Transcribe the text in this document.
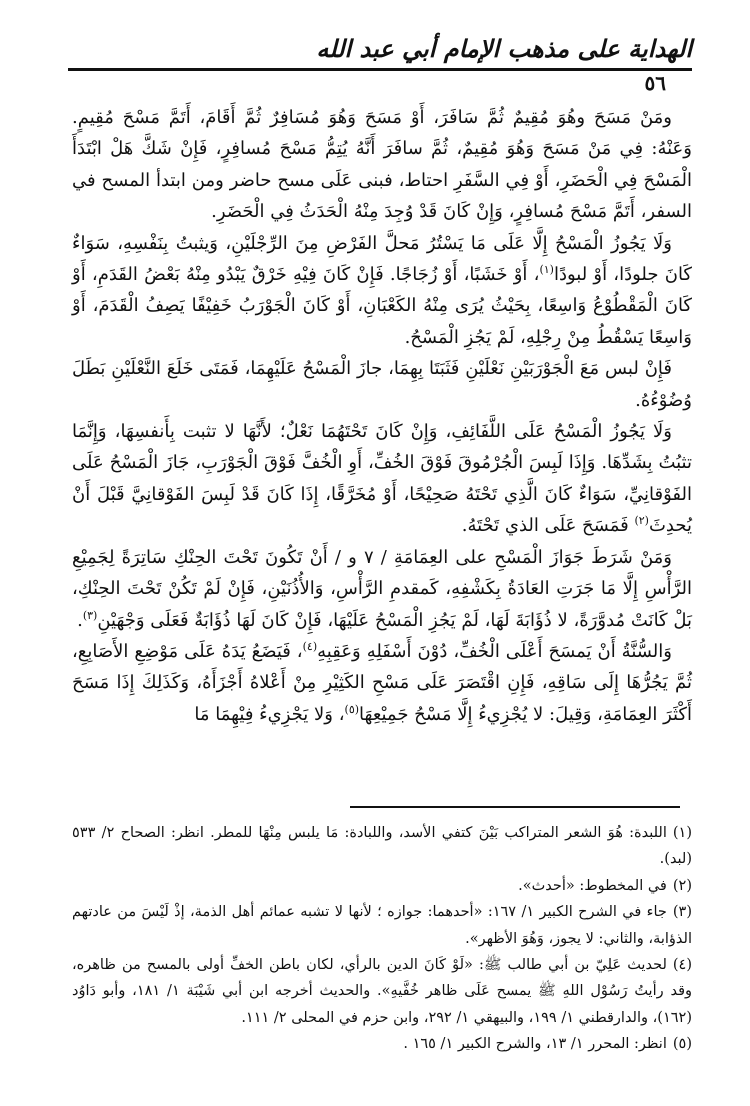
الهداية على مذهب الإمام أبي عبد الله
٥٦

ومَنْ مَسَحَ وهُوَ مُقِيمٌ ثُمَّ سَافَرَ، أَوْ مَسَحَ وَهُوَ مُسَافِرٌ ثُمَّ أَقَامَ، أَتَمَّ مَسْحَ مُقِيمٍ. وَعَنْهُ: فِي مَنْ مَسَحَ وَهُوَ مُقِيمٌ، ثُمَّ سافَرَ أَنَّهُ يُتِمُّ مَسْحَ مُسافِرٍ، فَإِنْ شَكَّ هَلْ ابْتَدَأَ الْمَسْحَ فِي الْحَضَرِ، أَوْ فِي السَّفَرِ احتاط، فبنى عَلَى مسح حاضر ومن ابتدأ المسح في السفر، أَتَمَّ مَسْحَ مُسافِرٍ، وَإِنْ كَانَ قَدْ وُجِدَ مِنْهُ الْحَدَثُ فِي الْحَضَرِ.

وَلَا يَجُوزُ الْمَسْحُ إِلَّا عَلَى مَا يَسْتُرُ مَحلَّ الفَرْضِ مِنَ الرِّجْلَيْنِ، وَيثبتُ بِنَفْسِهِ، سَوَاءٌ كَانَ جلودًا، أَوْ لبودًا$^{(١)}$، أَوْ خَشَبًا، أَوْ زُجَاجًا. فَإِنْ كَانَ فِيْهِ خَرْقٌ يَبْدُو مِنْهُ بَعْضُ القَدَمِ، أَوْ كَانَ الْمَقْطُوْعُ وَاسِعًا، بِحَيْثُ يُرَى مِنْهُ الكَعْبَانِ، أَوْ كَانَ الْجَوْرَبُ خَفِيْفًا يَصِفُ الْقَدَمَ، أَوْ وَاسِعًا يَسْقُطُ مِنْ رِجْلِهِ، لَمْ يَجُزِ الْمَسْحُ.

فَإِنْ لبس مَعَ الْجَوْرَبَيْنِ نَعْلَيْنِ فَثَبَتَا بِهِمَا، جازَ الْمَسْحُ عَلَيْهِمَا، فَمَتَى خَلَعَ النَّعْلَيْنِ بَطَلَ وُضُوْءُهُ.

وَلَا يَجُوزُ الْمَسْحُ عَلَى اللَّفَائِفِ، وَإِنْ كَانَ تَحْتَهُمَا نَعْلٌ؛ لأَنَّهَا لا تثبت بِأَنفسِهَا، وَإِنَّمَا تثبُتُ بِشَدِّهَا. وَإِذَا لَبِسَ الْجُرْمُوقَ فَوْقَ الخُفِّ، أَوِ الْخُفَّ فَوْقَ الْجَوْرَبِ، جَازَ الْمَسْحُ عَلَى الفَوْقانِيِّ، سَوَاءٌ كَانَ الَّذِي تَحْتَهُ صَحِيْحًا، أَوْ مُخَرَّقًا، إِذَا كَانَ قَدْ لَبِسَ الفَوْقانِيَّ قَبْلَ أَنْ يُحدِثَ$^{(٢)}$ فَمَسَحَ عَلَى الذي تَحْتَهُ.

وَمَنْ شَرَطَ جَوَازَ الْمَسْحِ على العِمَامَةِ / ٧ و / أَنْ تَكُونَ تَحْتَ الحِنْكِ سَاتِرَةً لِجَمِيْعِ الرَّأْسِ إِلَّا مَا جَرَتِ العَادَةُ بِكَشْفِهِ، كَمقدمِ الرَّأْسِ، وَالأُذُنَيْنِ، فَإِنْ لَمْ تَكُنْ تَحْتَ الحِنْكِ، بَلْ كَانَتْ مُدوَّرَةً، لا ذُؤَابَةَ لَهَا، لَمْ يَجُزِ الْمَسْحُ عَلَيْهَا، فَإِنْ كَانَ لَهَا ذُؤَابَةٌ فَعَلَى وَجْهَيْنِ$^{(٣)}$.

وَالسُّنَّةُ أَنْ يَمسَحَ أَعْلَى الْخُفِّ، دُوْنَ أَسْفَلِهِ وَعَقِبِهِ$^{(٤)}$، فَيَضَعُ يَدَهُ عَلَى مَوْضِعِ الأَصَابِعِ، ثُمَّ يَجُرُّهَا إِلَى سَاقِهِ، فَإِنِ اقْتَصَرَ عَلَى مَسْحِ الكَثِيْرِ مِنْ أَعْلاهُ أَجْزَأَهُ، وَكَذَلِكَ إِذَا مَسَحَ أَكْثَرَ العِمَامَةِ، وَقِيلَ: لا يُجْزِيءُ إِلَّا مَسْحُ جَمِيْعِهَا$^{(٥)}$، وَلا يَجْزِيءُ فِيْهِمَا مَا

(١)اللبدة: هُوَ الشعر المتراكب بَيْنَ كتفي الأسد، واللبادة: مَا يلبس مِنْهَا للمطر. انظر: الصحاح ٢/ ٥٣٣ (لبد).

(٢)في المخطوط: «أحدث».

(٣)جاء في الشرح الكبير ١/ ١٦٧: «أحدهما: جوازه ؛ لأنها لا تشبه عمائم أهل الذمة، إذْ لَيْسَ من عادتهم الذؤابة، والثاني: لا يجوز، وَهُوَ الأظهر».

(٤)لحديث عَلِيّ بن أبي طالب ﷺ: «لَوْ كَانَ الدين بالرأي، لكان باطن الخفِّ أولى بالمسح من ظاهره، وقد رأيتُ رَسُوْل اللهِ ﷺ يمسح عَلَى ظاهر خُفَّيهِ». والحديث أخرجه ابن أبي شَيْبَة ١/ ١٨١، وأبو دَاوُد (١٦٢)، والدارقطني ١/ ١٩٩، والبيهقي ١/ ٢٩٢، وابن حزم في المحلى ٢/ ١١١.

(٥)انظر: المحرر ١/ ١٣، والشرح الكبير ١/ ١٦٥ .
